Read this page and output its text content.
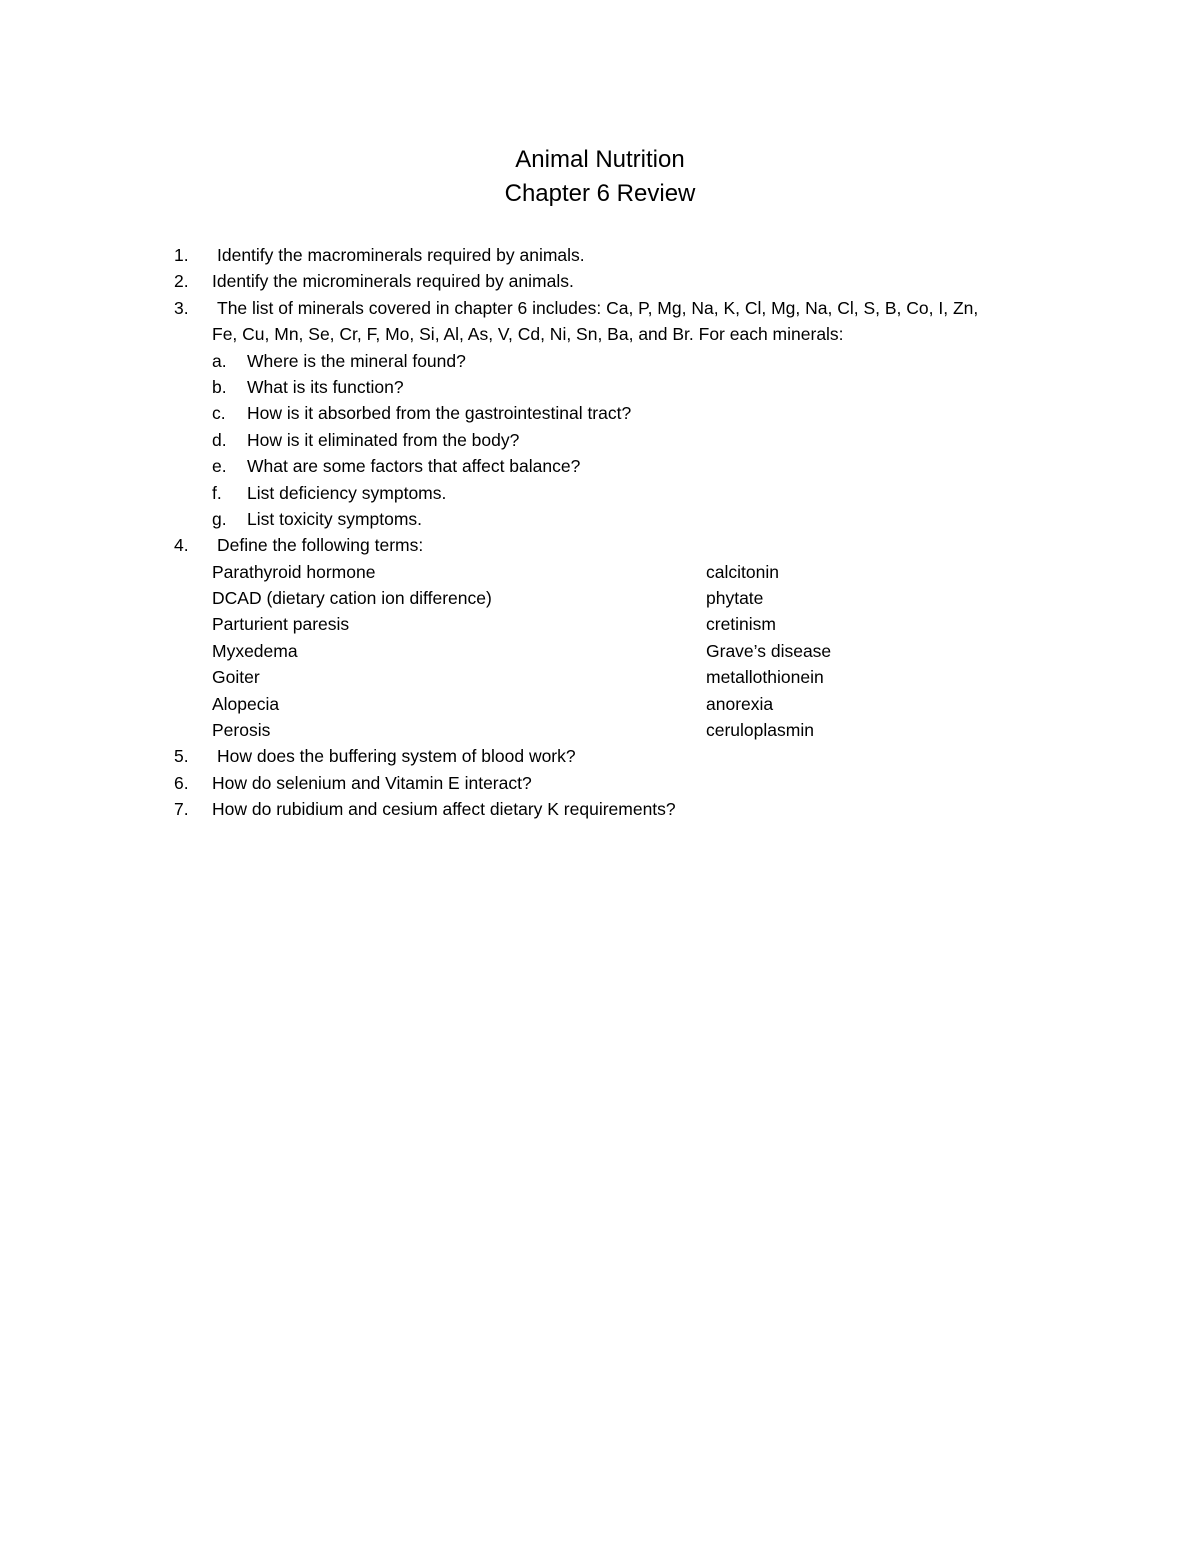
Animal Nutrition
Chapter 6 Review
1. Identify the macrominerals required by animals.
2. Identify the microminerals required by animals.
3. The list of minerals covered in chapter 6 includes: Ca, P, Mg, Na, K, Cl, Mg, Na, Cl, S, B, Co, I, Zn,
Fe, Cu, Mn, Se, Cr, F, Mo, Si, Al, As, V, Cd, Ni, Sn, Ba, and Br. For each minerals:
a. Where is the mineral found?
b. What is its function?
c. How is it absorbed from the gastrointestinal tract?
d. How is it eliminated from the body?
e. What are some factors that affect balance?
f. List deficiency symptoms.
g. List toxicity symptoms.
4. Define the following terms:
Parathyroid hormone	calcitonin
DCAD (dietary cation ion difference)	phytate
Parturient paresis	cretinism
Myxedema	Grave’s disease
Goiter	metallothionein
Alopecia	anorexia
Perosis	ceruloplasmin
5. How does the buffering system of blood work?
6. How do selenium and Vitamin E interact?
7. How do rubidium and cesium affect dietary K requirements?
